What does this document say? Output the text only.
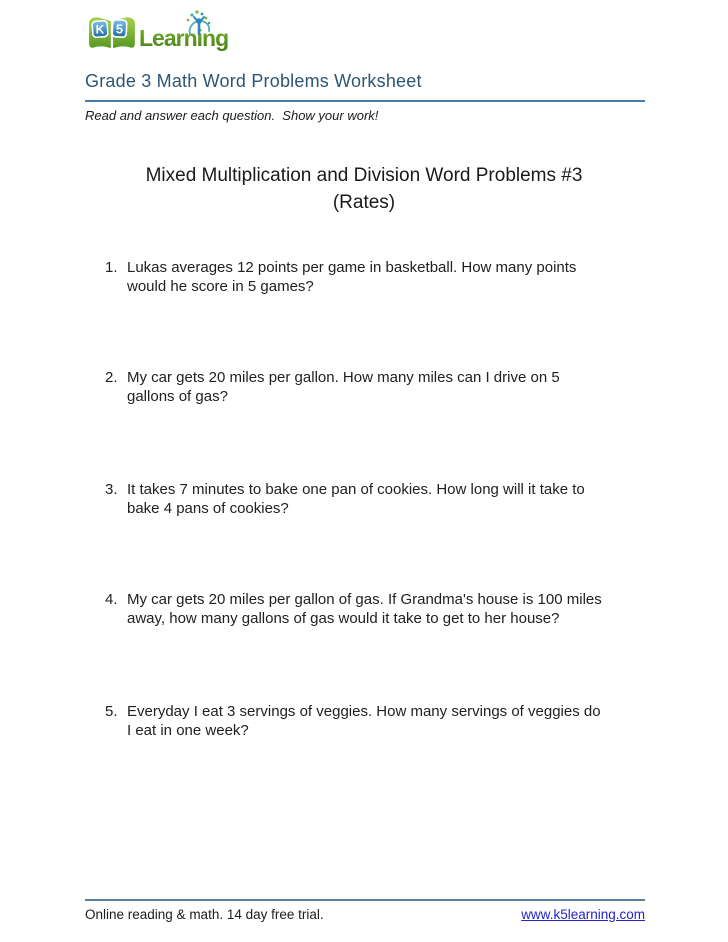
K 5 Learning
Grade 3 Math Word Problems Worksheet
Read and answer each question.  Show your work!
Mixed Multiplication and Division Word Problems #3
(Rates)
1. Lukas averages 12 points per game in basketball. How many points
would he score in 5 games?
2. My car gets 20 miles per gallon. How many miles can I drive on 5
gallons of gas?
3. It takes 7 minutes to bake one pan of cookies. How long will it take to
bake 4 pans of cookies?
4. My car gets 20 miles per gallon of gas. If Grandma's house is 100 miles
away, how many gallons of gas would it take to get to her house?
5. Everyday I eat 3 servings of veggies. How many servings of veggies do
I eat in one week?
Online reading & math. 14 day free trial.	www.k5learning.com
